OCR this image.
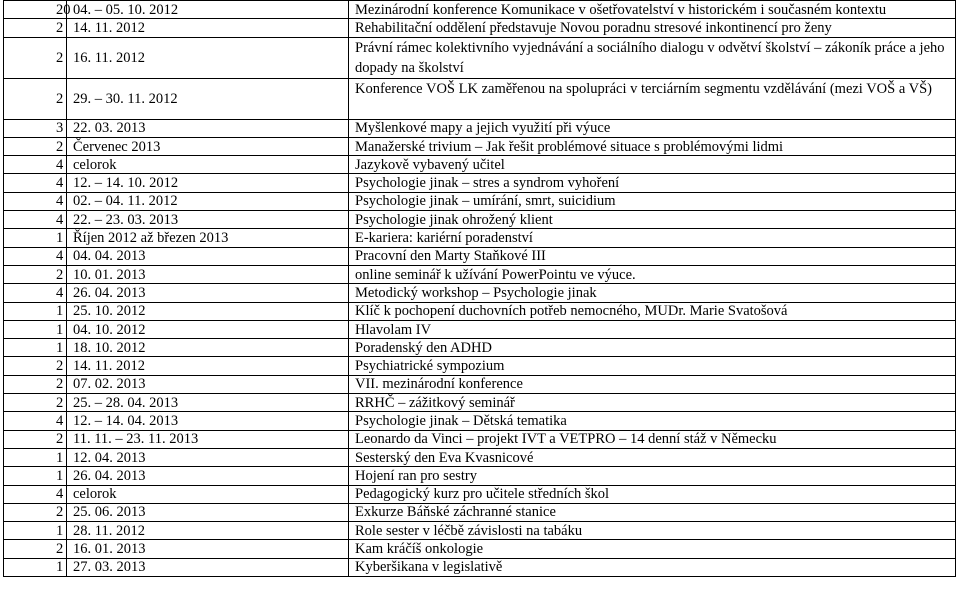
20	04. – 05. 10. 2012	Mezinárodní konference Komunikace v ošetřovatelství v historickém i současném kontextu
2	14. 11. 2012	Rehabilitační oddělení představuje Novou poradnu stresové inkontinencí pro ženy
2	16. 11. 2012	Právní rámec kolektivního vyjednávání a sociálního dialogu v odvětví školství – zákoník práce a jeho dopady na školství
2	29. – 30. 11. 2012	Konference VOŠ LK zaměřenou na spolupráci v terciárním segmentu vzdělávání (mezi VOŠ a VŠ)
3	22. 03. 2013	Myšlenkové mapy a jejich využití při výuce
2	Červenec 2013	Manažerské trivium – Jak řešit problémové situace s problémovými lidmi
4	celorok	Jazykově vybavený učitel
4	12. – 14. 10. 2012	Psychologie jinak – stres a syndrom vyhoření
4	02. – 04. 11. 2012	Psychologie jinak – umírání, smrt, suicidium
4	22. – 23. 03. 2013	Psychologie jinak ohrožený klient
1	Říjen 2012 až březen 2013	E-kariera: kariérní poradenství
4	04. 04. 2013	Pracovní den Marty Staňkové III
2	10. 01. 2013	online seminář k užívání PowerPointu ve výuce.
4	26. 04. 2013	Metodický workshop – Psychologie jinak
1	25. 10. 2012	Klíč k pochopení duchovních potřeb nemocného, MUDr. Marie Svatošová
1	04. 10. 2012	Hlavolam IV
1	18. 10. 2012	Poradenský den ADHD
2	14. 11. 2012	Psychiatrické sympozium
2	07. 02. 2013	VII. mezinárodní konference
2	25. – 28. 04. 2013	RRHČ – zážitkový seminář
4	12. – 14. 04. 2013	Psychologie jinak – Dětská tematika
2	11. 11. – 23. 11. 2013	Leonardo da Vinci – projekt IVT a VETPRO – 14 denní stáž v Německu
1	12. 04. 2013	Sesterský den Eva Kvasnicové
1	26. 04. 2013	Hojení ran pro sestry
4	celorok	Pedagogický kurz pro učitele středních škol
2	25. 06. 2013	Exkurze Báňské záchranné stanice
1	28. 11. 2012	Role sester v léčbě závislosti na tabáku
2	16. 01. 2013	Kam kráčíš onkologie
1	27. 03. 2013	Kyberšikana v legislativě
